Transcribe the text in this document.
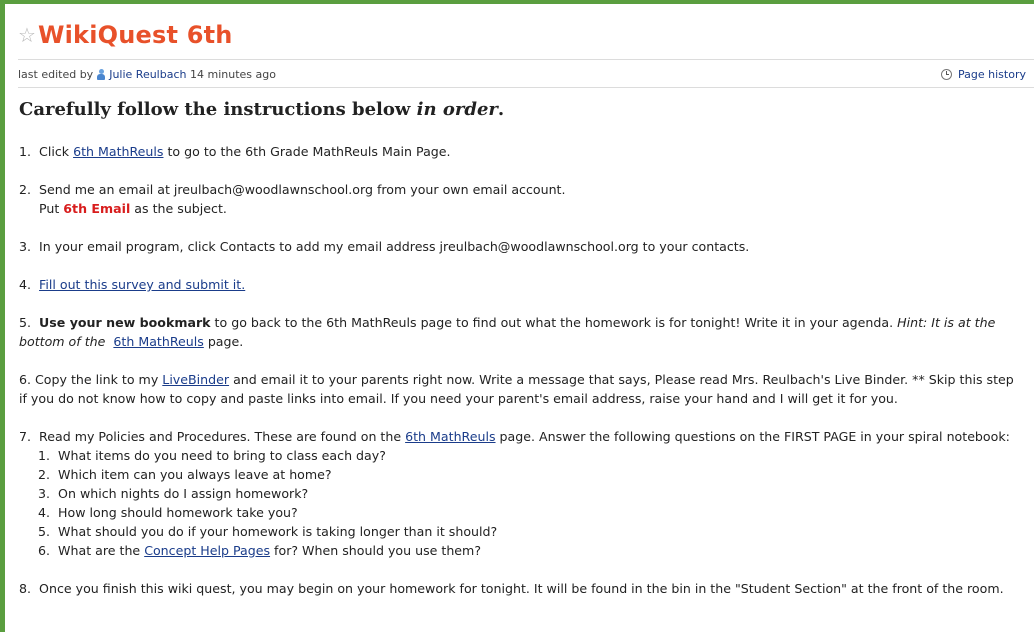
☆ WikiQuest 6th
last edited by Julie Reulbach 14 minutes ago	Page history
Carefully follow the instructions below in order.
1. Click 6th MathReuls to go to the 6th Grade MathReuls Main Page.
2. Send me an email at jreulbach@woodlawnschool.org from your own email account.
Put 6th Email as the subject.
3. In your email program, click Contacts to add my email address jreulbach@woodlawnschool.org to your contacts.
4. Fill out this survey and submit it.
5. Use your new bookmark to go back to the 6th MathReuls page to find out what the homework is for tonight! Write it in your agenda. Hint: It is at the
bottom of the  6th MathReuls page.
6. Copy the link to my LiveBinder and email it to your parents right now. Write a message that says, Please read Mrs. Reulbach's Live Binder. ** Skip this step
if you do not know how to copy and paste links into email. If you need your parent's email address, raise your hand and I will get it for you.
7. Read my Policies and Procedures. These are found on the 6th MathReuls page. Answer the following questions on the FIRST PAGE in your spiral notebook:
1. What items do you need to bring to class each day?
2. Which item can you always leave at home?
3. On which nights do I assign homework?
4. How long should homework take you?
5. What should you do if your homework is taking longer than it should?
6. What are the Concept Help Pages for? When should you use them?
8. Once you finish this wiki quest, you may begin on your homework for tonight. It will be found in the bin in the "Student Section" at the front of the room.
